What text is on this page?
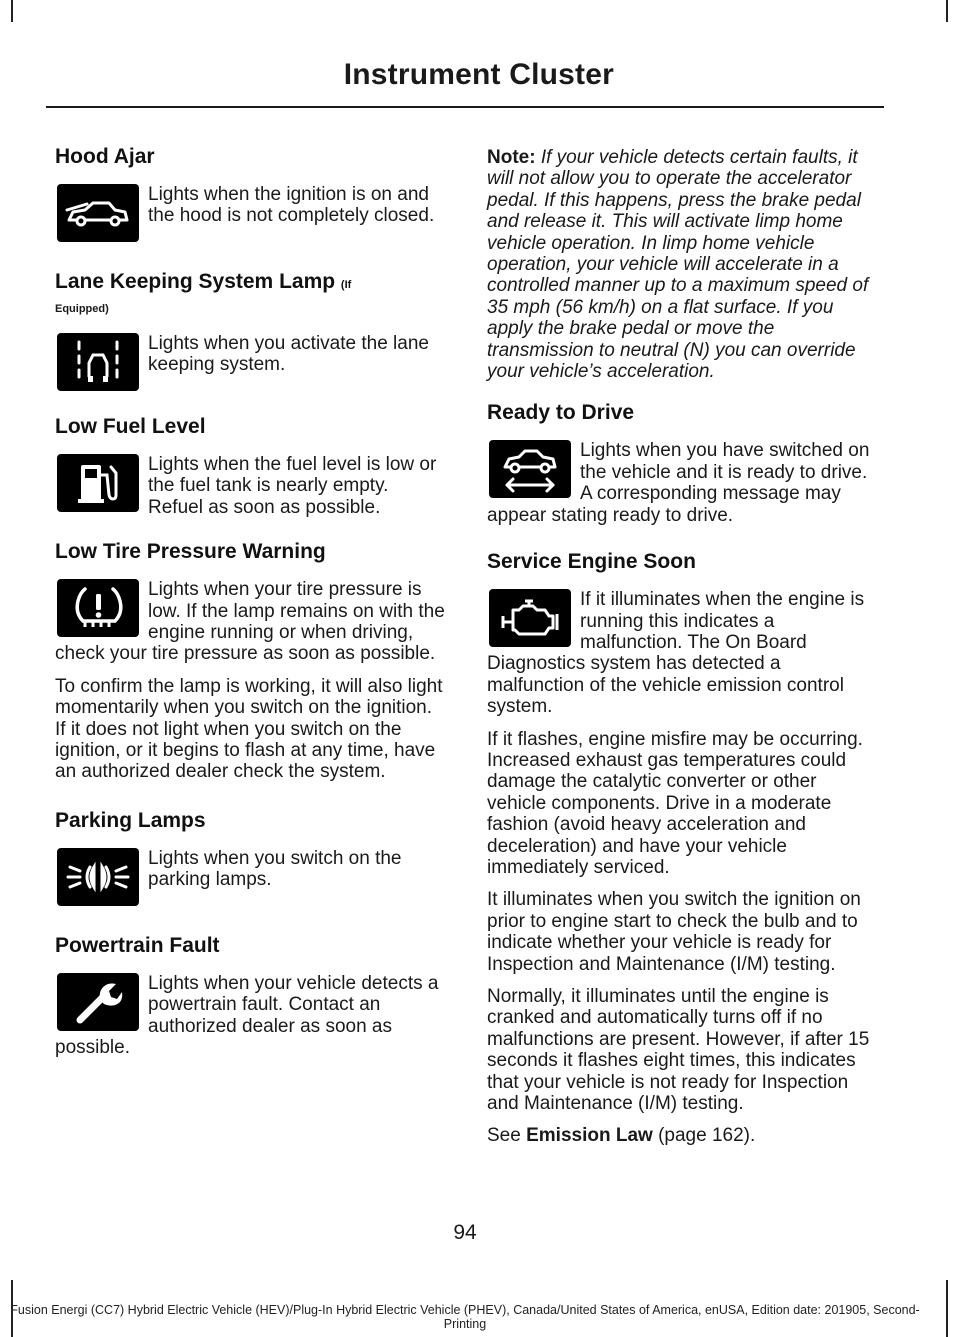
Instrument Cluster
Hood Ajar

Lights when the ignition is on and the hood is not completely closed.

Lane Keeping System Lamp (If
Equipped)

Lights when you activate the lane keeping system.

Low Fuel Level

Lights when the fuel level is low or the fuel tank is nearly empty. Refuel as soon as possible.

Low Tire Pressure Warning

Lights when your tire pressure is low. If the lamp remains on with the engine running or when driving, check your tire pressure as soon as possible.

To confirm the lamp is working, it will also light momentarily when you switch on the ignition. If it does not light when you switch on the ignition, or it begins to flash at any time, have an authorized dealer check the system.

Parking Lamps

Lights when you switch on the parking lamps.

Powertrain Fault

Lights when your vehicle detects a powertrain fault. Contact an authorized dealer as soon as possible.

Note: If your vehicle detects certain faults, it will not allow you to operate the accelerator pedal. If this happens, press the brake pedal and release it. This will activate limp home vehicle operation. In limp home vehicle operation, your vehicle will accelerate in a controlled manner up to a maximum speed of 35 mph (56 km/h) on a flat surface. If you apply the brake pedal or move the transmission to neutral (N) you can override your vehicle’s acceleration.

Ready to Drive

Lights when you have switched on the vehicle and it is ready to drive. A corresponding message may appear stating ready to drive.

Service Engine Soon

If it illuminates when the engine is running this indicates a malfunction. The On Board Diagnostics system has detected a malfunction of the vehicle emission control system.

If it flashes, engine misfire may be occurring. Increased exhaust gas temperatures could damage the catalytic converter or other vehicle components. Drive in a moderate fashion (avoid heavy acceleration and deceleration) and have your vehicle immediately serviced.

It illuminates when you switch the ignition on prior to engine start to check the bulb and to indicate whether your vehicle is ready for Inspection and Maintenance (I/M) testing.

Normally, it illuminates until the engine is cranked and automatically turns off if no malfunctions are present. However, if after 15 seconds it flashes eight times, this indicates that your vehicle is not ready for Inspection and Maintenance (I/M) testing.

See Emission Law (page 162).

94
Fusion Energi (CC7) Hybrid Electric Vehicle (HEV)/Plug-In Hybrid Electric Vehicle (PHEV), Canada/United States of America, enUSA, Edition date: 201905, Second-Printing
